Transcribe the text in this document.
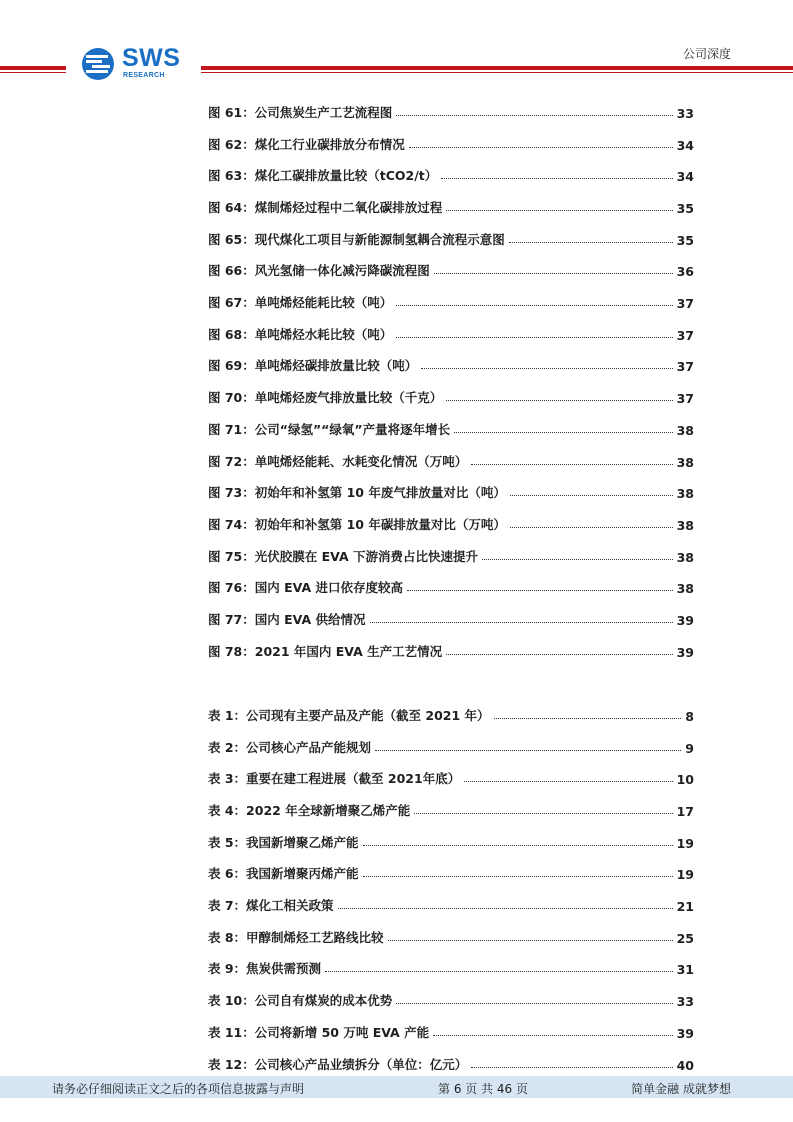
SWS
RESEARCH
公司深度
图 61：公司焦炭生产工艺流程图	33
图 62：煤化工行业碳排放分布情况	34
图 63：煤化工碳排放量比较（tCO2/t）	34
图 64：煤制烯烃过程中二氧化碳排放过程	35
图 65：现代煤化工项目与新能源制氢耦合流程示意图	35
图 66：风光氢储一体化减污降碳流程图	36
图 67：单吨烯烃能耗比较（吨）	37
图 68：单吨烯烃水耗比较（吨）	37
图 69：单吨烯烃碳排放量比较（吨）	37
图 70：单吨烯烃废气排放量比较（千克）	37
图 71：公司“绿氢”“绿氧”产量将逐年增长	38
图 72：单吨烯烃能耗、水耗变化情况（万吨）	38
图 73：初始年和补氢第 10 年废气排放量对比（吨）	38
图 74：初始年和补氢第 10 年碳排放量对比（万吨）	38
图 75：光伏胶膜在 EVA 下游消费占比快速提升	38
图 76：国内 EVA 进口依存度较高	38
图 77：国内 EVA 供给情况	39
图 78：2021 年国内 EVA 生产工艺情况	39
表 1：公司现有主要产品及产能（截至 2021 年）	8
表 2：公司核心产品产能规划	9
表 3：重要在建工程进展（截至 2021年底）	10
表 4：2022 年全球新增聚乙烯产能	17
表 5：我国新增聚乙烯产能	19
表 6：我国新增聚丙烯产能	19
表 7：煤化工相关政策	21
表 8：甲醇制烯烃工艺路线比较	25
表 9：焦炭供需预测	31
表 10：公司自有煤炭的成本优势	33
表 11：公司将新增 50 万吨 EVA 产能	39
表 12：公司核心产品业绩拆分（单位：亿元）	40
请务必仔细阅读正文之后的各项信息披露与声明	第 6 页 共 46 页	简单金融 成就梦想
